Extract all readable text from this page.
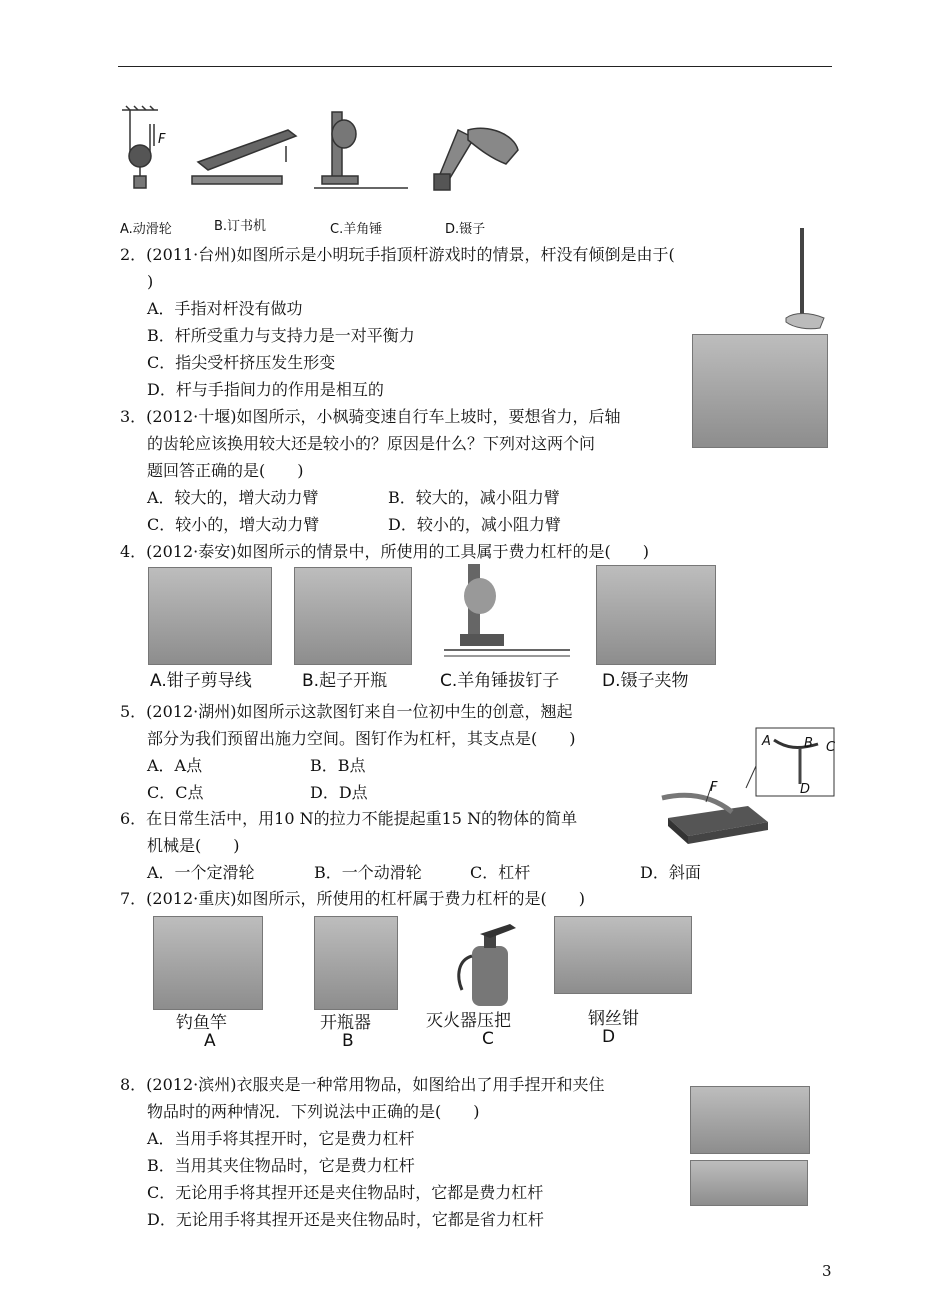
F
A.动滑轮	B.订书机	C.羊角锤	D.镊子
2．(2011·台州)如图所示是小明玩手指顶杆游戏时的情景，杆没有倾倒是由于(
)
A．手指对杆没有做功
B．杆所受重力与支持力是一对平衡力
C．指尖受杆挤压发生形变
D．杆与手指间力的作用是相互的
3．(2012·十堰)如图所示，小枫骑变速自行车上坡时，要想省力，后轴
的齿轮应该换用较大还是较小的？原因是什么？下列对这两个问
题回答正确的是(　　)
A．较大的，增大动力臂	B．较大的，减小阻力臂
C．较小的，增大动力臂	D．较小的，减小阻力臂
4．(2012·泰安)如图所示的情景中，所使用的工具属于费力杠杆的是(　　)
A.钳子剪导线	B.起子开瓶	C.羊角锤拔钉子	D.镊子夹物
5．(2012·湖州)如图所示这款图钉来自一位初中生的创意，翘起
部分为我们预留出施力空间。图钉作为杠杆，其支点是(　　)
A．A点	B．B点
C．C点	D．D点
A	B C
D
F
6．在日常生活中，用10 N的拉力不能提起重15 N的物体的简单
机械是(　　)
A．一个定滑轮	B．一个动滑轮	C．杠杆	D．斜面
7．(2012·重庆)如图所示，所使用的杠杆属于费力杠杆的是(　　)
钓鱼竿
A
开瓶器
B
灭火器压把
C
钢丝钳
D
8．(2012·滨州)衣服夹是一种常用物品，如图给出了用手捏开和夹住
物品时的两种情况．下列说法中正确的是(　　)
A．当用手将其捏开时，它是费力杠杆
B．当用其夹住物品时，它是费力杠杆
C．无论用手将其捏开还是夹住物品时，它都是费力杠杆
D．无论用手将其捏开还是夹住物品时，它都是省力杠杆
3
